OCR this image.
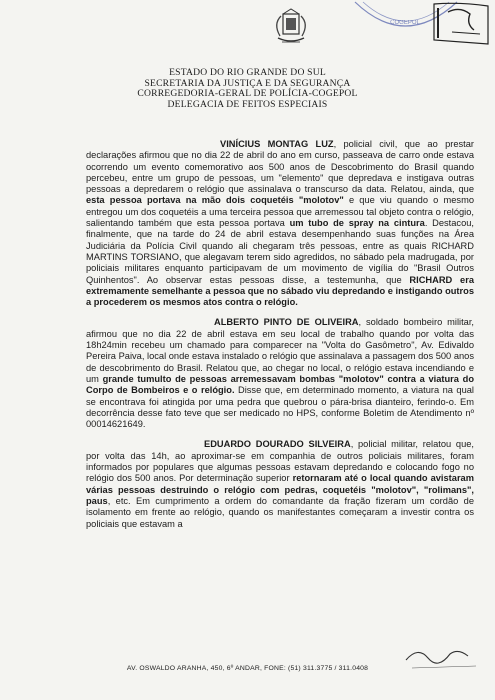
COGEPOL
ESTADO DO RIO GRANDE DO SUL
SECRETARIA DA JUSTIÇA E DA SEGURANÇA
CORREGEDORIA-GERAL DE POLÍCIA-COGEPOL
DELEGACIA DE FEITOS ESPECIAIS

VINÍCIUS MONTAG LUZ, policial civil, que ao prestar declarações afirmou que no dia 22 de abril do ano em curso, passeava de carro onde estava ocorrendo um evento comemorativo aos 500 anos de Descobrimento do Brasil quando percebeu, entre um grupo de pessoas, um "elemento" que depredava e instigava outras pessoas a depredarem o relógio que assinalava o transcurso da data. Relatou, ainda, que esta pessoa portava na mão dois coquetéis "molotov" e que viu quando o mesmo entregou um dos coquetéis a uma terceira pessoa que arremessou tal objeto contra o relógio, salientando também que esta pessoa portava um tubo de spray na cintura. Destacou, finalmente, que na tarde do 24 de abril estava desempenhando suas funções na Área Judiciária da Polícia Civil quando ali chegaram três pessoas, entre as quais RICHARD MARTINS TORSIANO, que alegavam terem sido agredidos, no sábado pela madrugada, por policiais militares enquanto participavam de um movimento de vigília do "Brasil Outros Quinhentos". Ao observar estas pessoas disse, a testemunha, que RICHARD era extremamente semelhante a pessoa que no sábado viu depredando e instigando outros a procederem os mesmos atos contra o relógio.

ALBERTO PINTO DE OLIVEIRA, soldado bombeiro militar, afirmou que no dia 22 de abril estava em seu local de trabalho quando por volta das 18h24min recebeu um chamado para comparecer na "Volta do Gasômetro", Av. Edivaldo Pereira Paiva, local onde estava instalado o relógio que assinalava a passagem dos 500 anos de descobrimento do Brasil. Relatou que, ao chegar no local, o relógio estava incendiando e um grande tumulto de pessoas arremessavam bombas "molotov" contra a viatura do Corpo de Bombeiros e o relógio. Disse que, em determinado momento, a viatura na qual se encontrava foi atingida por uma pedra que quebrou o pára-brisa dianteiro, ferindo-o. Em decorrência desse fato teve que ser medicado no HPS, conforme Boletim de Atendimento nº 00014621649.

EDUARDO DOURADO SILVEIRA, policial militar, relatou que, por volta das 14h, ao aproximar-se em companhia de outros policiais militares, foram informados por populares que algumas pessoas estavam depredando e colocando fogo no relógio dos 500 anos. Por determinação superior retornaram até o local quando avistaram várias pessoas destruindo o relógio com pedras, coquetéis "molotov", "rolimans", paus, etc. Em cumprimento a ordem do comandante da fração fizeram um cordão de isolamento em frente ao relógio, quando os manifestantes começaram a investir contra os policiais que estavam a

AV. OSWALDO ARANHA, 450, 6º ANDAR, FONE: (51) 311.3775 / 311.0408
